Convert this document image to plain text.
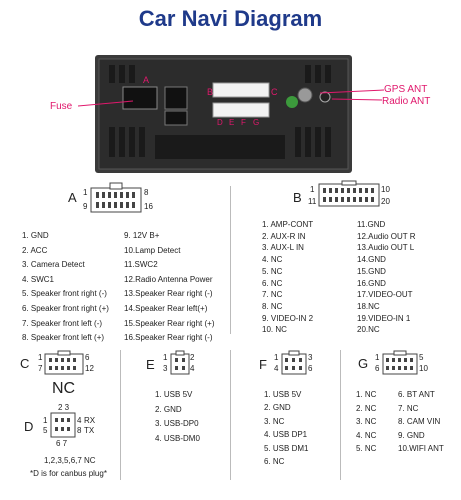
Car Navi Diagram
A
B	C
D E F G
Fuse
GPS ANT
Radio ANT
A 1	8
9	16
1. GND
2. ACC
3. Camera Detect
4. SWC1
5. Speaker front right (-)
6. Speaker front right (+)
7. Speaker front left (-)
8. Speaker front left (+)
9. 12V B+
10.Lamp Detect
11.SWC2
12.Radio Antenna Power
13.Speaker Rear right (-)
14.Speaker Rear left(+)
15.Speaker Rear right (+)
16.Speaker Rear right (-)
B
1	10
11	20
1. AMP-CONT
2. AUX-R IN
3. AUX-L IN
4. NC
5. NC
6. NC
7. NC
8. NC
9. VIDEO-IN 2
10. NC
11.GND
12.Audio OUT R
13.Audio OUT L
14.GND
15.GND
16.GND
17.VIDEO-OUT
18.NC
19.VIDEO-IN 1
20.NC
C 1
7
6
12
NC
2 3
D 1
5
4
8
RX
TX
6 7
1,2,3,5,6,7 NC
*D is for canbus plug*
E 1
3
2
4
1. USB 5V
2. GND
3. USB-DP0
4. USB-DM0
F 1
4
3
6
1. USB 5V
2. GND
3. NC
4. USB DP1
5. USB DM1
6. NC
G 1
6
5
10
1. NC
2. NC
3. NC
4. NC
5. NC
6. BT ANT
7. NC
8. CAM VIN
9. GND
10.WIFI ANT
